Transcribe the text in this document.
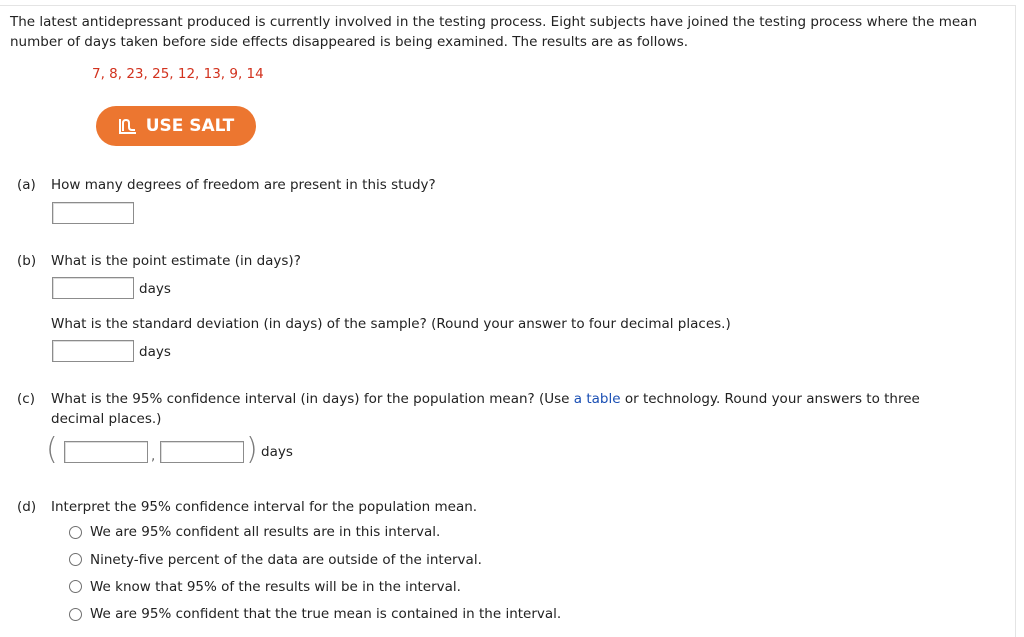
The latest antidepressant produced is currently involved in the testing process. Eight subjects have joined the testing process where the mean
number of days taken before side effects disappeared is being examined. The results are as follows.
7, 8, 23, 25, 12, 13, 9, 14
USE SALT
(a) How many degrees of freedom are present in this study?
(b) What is the point estimate (in days)?
days
What is the standard deviation (in days) of the sample? (Round your answer to four decimal places.)
days
(c) What is the 95% confidence interval (in days) for the population mean? (Use a table or technology. Round your answers to three
decimal places.)
(	,	) days
(d) Interpret the 95% confidence interval for the population mean.
We are 95% confident all results are in this interval.
Ninety-five percent of the data are outside of the interval.
We know that 95% of the results will be in the interval.
We are 95% confident that the true mean is contained in the interval.
